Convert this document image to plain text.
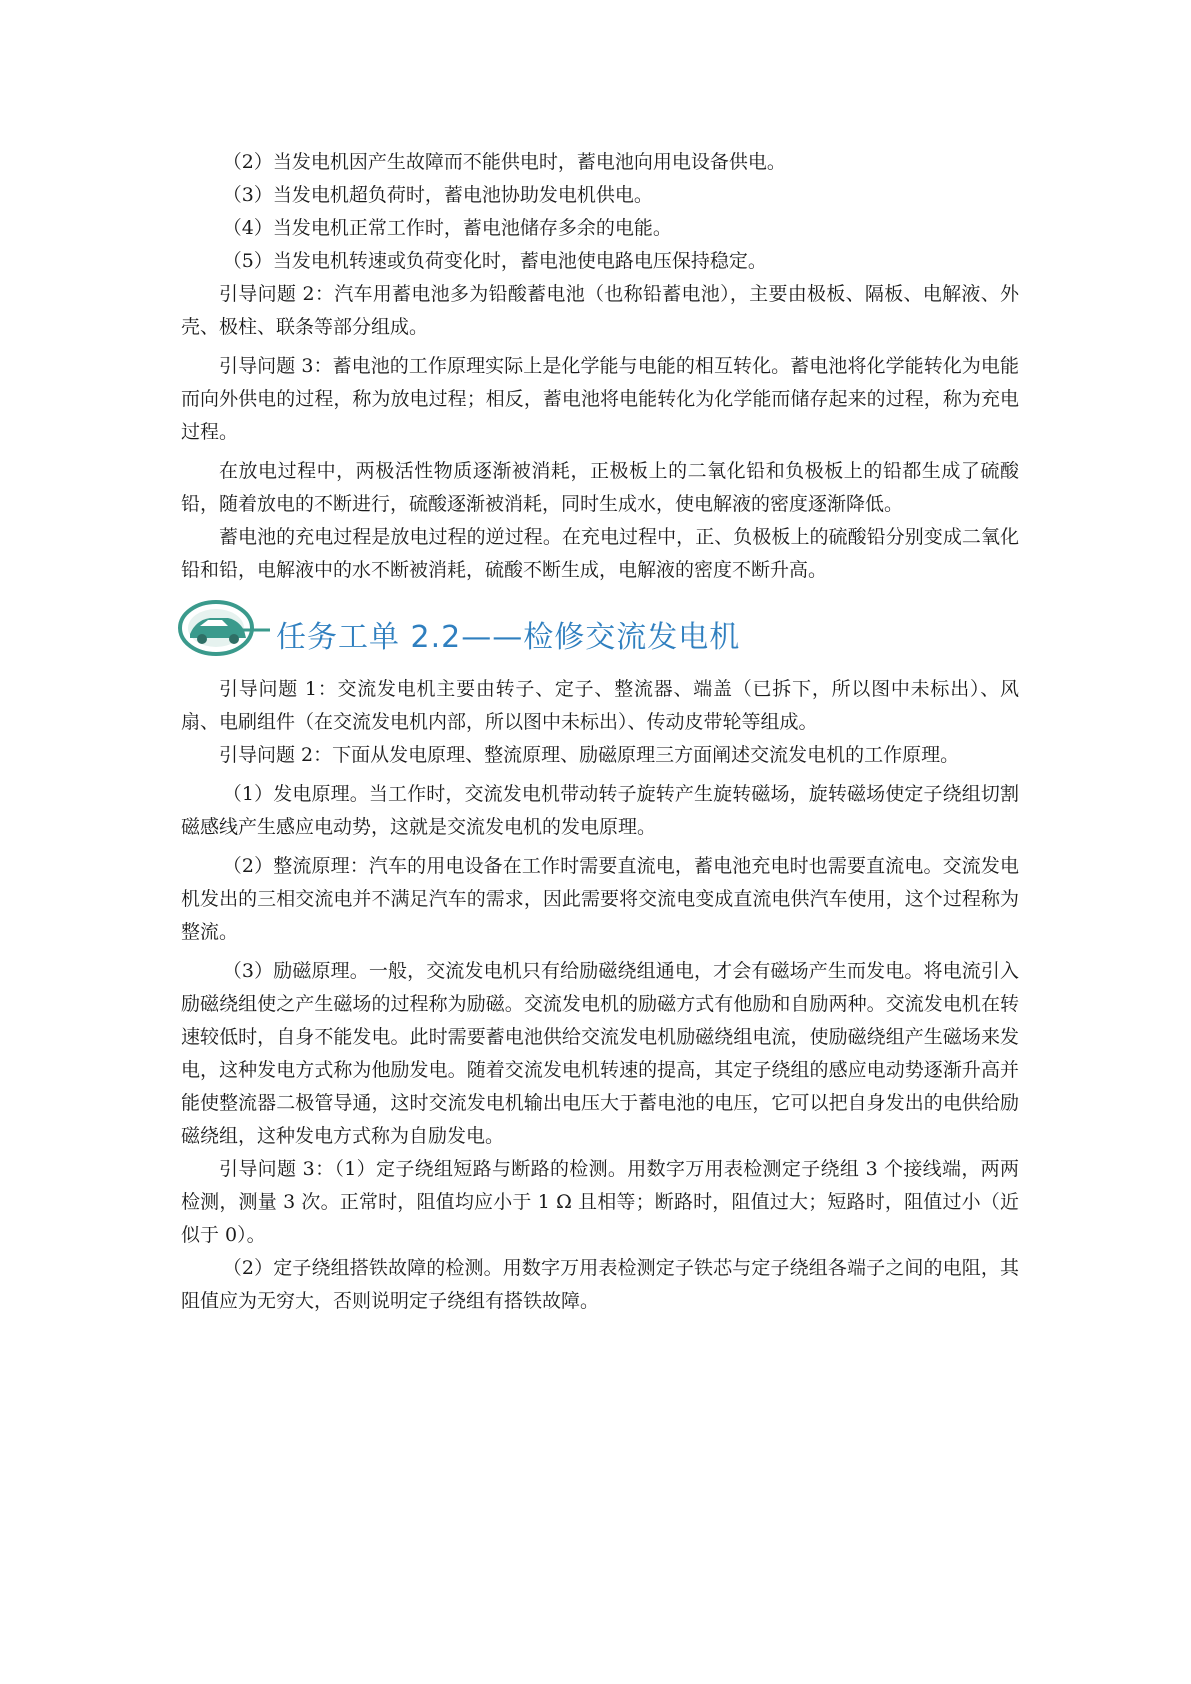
（2）当发电机因产生故障而不能供电时，蓄电池向用电设备供电。

（3）当发电机超负荷时，蓄电池协助发电机供电。

（4）当发电机正常工作时，蓄电池储存多余的电能。

（5）当发电机转速或负荷变化时，蓄电池使电路电压保持稳定。

引导问题 2：汽车用蓄电池多为铅酸蓄电池（也称铅蓄电池），主要由极板、隔板、电解液、外壳、极柱、联条等部分组成。

引导问题 3：蓄电池的工作原理实际上是化学能与电能的相互转化。蓄电池将化学能转化为电能而向外供电的过程，称为放电过程；相反，蓄电池将电能转化为化学能而储存起来的过程，称为充电过程。

在放电过程中，两极活性物质逐渐被消耗，正极板上的二氧化铅和负极板上的铅都生成了硫酸铅，随着放电的不断进行，硫酸逐渐被消耗，同时生成水，使电解液的密度逐渐降低。

蓄电池的充电过程是放电过程的逆过程。在充电过程中，正、负极板上的硫酸铅分别变成二氧化铅和铅，电解液中的水不断被消耗，硫酸不断生成，电解液的密度不断升高。

任务工单 2.2——检修交流发电机

引导问题 1：交流发电机主要由转子、定子、整流器、端盖（已拆下，所以图中未标出）、风扇、电刷组件（在交流发电机内部，所以图中未标出）、传动皮带轮等组成。

引导问题 2：下面从发电原理、整流原理、励磁原理三方面阐述交流发电机的工作原理。

（1）发电原理。当工作时，交流发电机带动转子旋转产生旋转磁场，旋转磁场使定子绕组切割磁感线产生感应电动势，这就是交流发电机的发电原理。

（2）整流原理：汽车的用电设备在工作时需要直流电，蓄电池充电时也需要直流电。交流发电机发出的三相交流电并不满足汽车的需求，因此需要将交流电变成直流电供汽车使用，这个过程称为整流。

（3）励磁原理。一般，交流发电机只有给励磁绕组通电，才会有磁场产生而发电。将电流引入励磁绕组使之产生磁场的过程称为励磁。交流发电机的励磁方式有他励和自励两种。交流发电机在转速较低时，自身不能发电。此时需要蓄电池供给交流发电机励磁绕组电流，使励磁绕组产生磁场来发电，这种发电方式称为他励发电。随着交流发电机转速的提高，其定子绕组的感应电动势逐渐升高并能使整流器二极管导通，这时交流发电机输出电压大于蓄电池的电压，它可以把自身发出的电供给励磁绕组，这种发电方式称为自励发电。

引导问题 3：（1）定子绕组短路与断路的检测。用数字万用表检测定子绕组 3 个接线端，两两检测，测量 3 次。正常时，阻值均应小于 1 Ω 且相等；断路时，阻值过大；短路时，阻值过小（近似于 0）。

（2）定子绕组搭铁故障的检测。用数字万用表检测定子铁芯与定子绕组各端子之间的电阻，其阻值应为无穷大，否则说明定子绕组有搭铁故障。
